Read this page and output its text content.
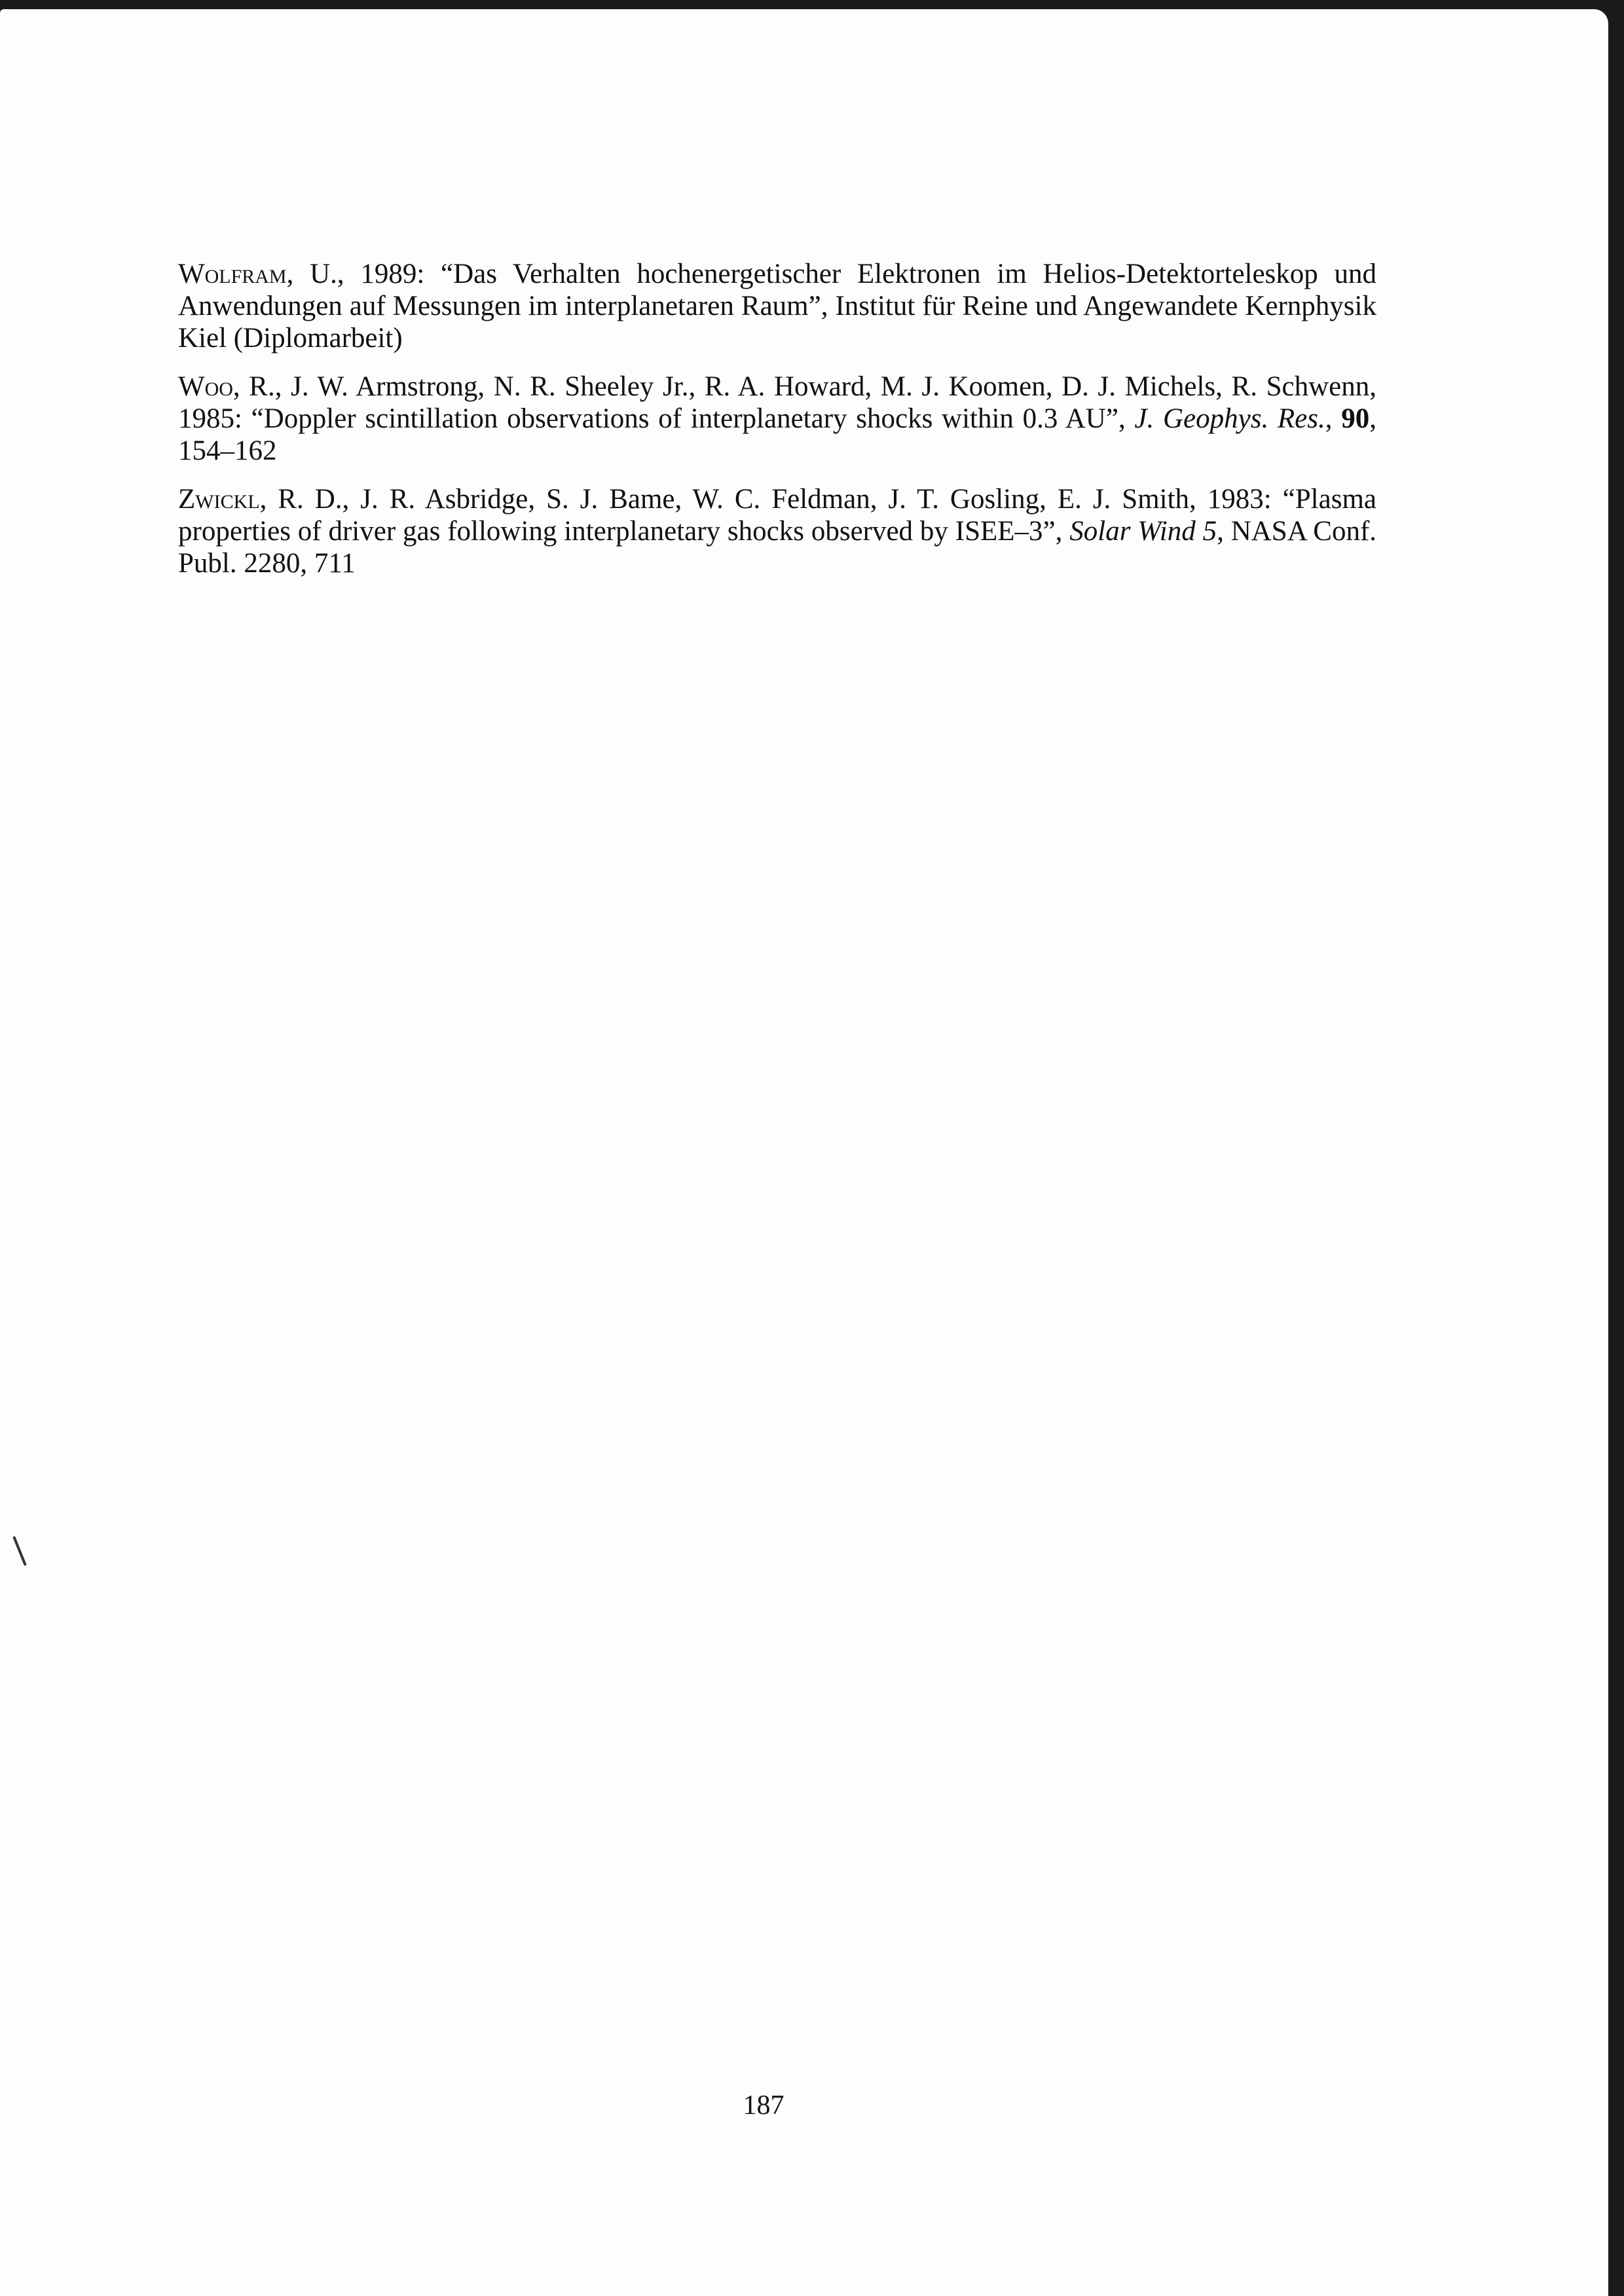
Wolfram, U., 1989: “Das Verhalten hochenergetischer Elektronen im Helios-Detektorteleskop und Anwendungen auf Messungen im interplanetaren Raum”, Institut für Reine und Angewandete Kernphysik Kiel (Diplomarbeit)

Woo, R., J. W. Armstrong, N. R. Sheeley Jr., R. A. Howard, M. J. Koomen, D. J. Michels, R. Schwenn, 1985: “Doppler scintillation observations of interplanetary shocks within 0.3 AU”, J. Geophys. Res., 90, 154–162

Zwickl, R. D., J. R. Asbridge, S. J. Bame, W. C. Feldman, J. T. Gosling, E. J. Smith, 1983: “Plasma properties of driver gas following interplanetary shocks observed by ISEE–3”, Solar Wind 5, NASA Conf. Publ. 2280, 711

187
